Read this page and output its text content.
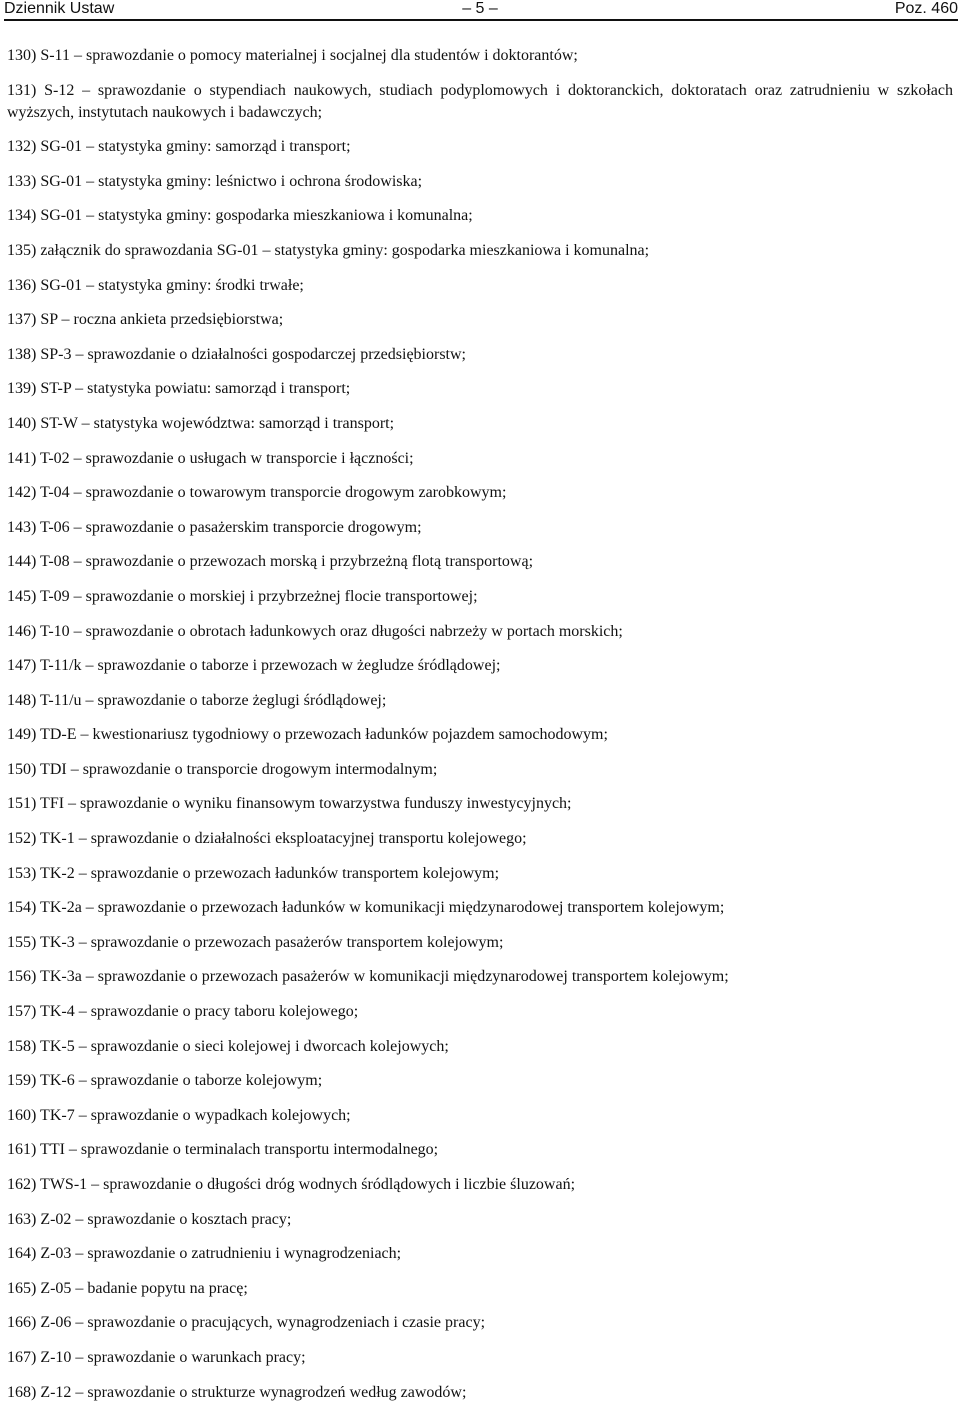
Dziennik Ustaw	– 5 –	Poz. 460
130) S-11 – sprawozdanie o pomocy materialnej i socjalnej dla studentów i doktorantów;
131) S-12 – sprawozdanie o stypendiach naukowych, studiach podyplomowych i doktoranckich, doktoratach oraz zatrudnieniu w szkołach wyższych, instytutach naukowych i badawczych;
132) SG-01 – statystyka gminy: samorząd i transport;
133) SG-01 – statystyka gminy: leśnictwo i ochrona środowiska;
134) SG-01 – statystyka gminy: gospodarka mieszkaniowa i komunalna;
135) załącznik do sprawozdania SG-01 – statystyka gminy: gospodarka mieszkaniowa i komunalna;
136) SG-01 – statystyka gminy: środki trwałe;
137) SP – roczna ankieta przedsiębiorstwa;
138) SP-3 – sprawozdanie o działalności gospodarczej przedsiębiorstw;
139) ST-P – statystyka powiatu: samorząd i transport;
140) ST-W – statystyka województwa: samorząd i transport;
141) T-02 – sprawozdanie o usługach w transporcie i łączności;
142) T-04 – sprawozdanie o towarowym transporcie drogowym zarobkowym;
143) T-06 – sprawozdanie o pasażerskim transporcie drogowym;
144) T-08 – sprawozdanie o przewozach morską i przybrzeżną flotą transportową;
145) T-09 – sprawozdanie o morskiej i przybrzeżnej flocie transportowej;
146) T-10 – sprawozdanie o obrotach ładunkowych oraz długości nabrzeży w portach morskich;
147) T-11/k – sprawozdanie o taborze i przewozach w żegludze śródlądowej;
148) T-11/u – sprawozdanie o taborze żeglugi śródlądowej;
149) TD-E – kwestionariusz tygodniowy o przewozach ładunków pojazdem samochodowym;
150) TDI – sprawozdanie o transporcie drogowym intermodalnym;
151) TFI – sprawozdanie o wyniku finansowym towarzystwa funduszy inwestycyjnych;
152) TK-1 – sprawozdanie o działalności eksploatacyjnej transportu kolejowego;
153) TK-2 – sprawozdanie o przewozach ładunków transportem kolejowym;
154) TK-2a – sprawozdanie o przewozach ładunków w komunikacji międzynarodowej transportem kolejowym;
155) TK-3 – sprawozdanie o przewozach pasażerów transportem kolejowym;
156) TK-3a – sprawozdanie o przewozach pasażerów w komunikacji międzynarodowej transportem kolejowym;
157) TK-4 – sprawozdanie o pracy taboru kolejowego;
158) TK-5 – sprawozdanie o sieci kolejowej i dworcach kolejowych;
159) TK-6 – sprawozdanie o taborze kolejowym;
160) TK-7 – sprawozdanie o wypadkach kolejowych;
161) TTI – sprawozdanie o terminalach transportu intermodalnego;
162) TWS-1 – sprawozdanie o długości dróg wodnych śródlądowych i liczbie śluzowań;
163) Z-02 – sprawozdanie o kosztach pracy;
164) Z-03 – sprawozdanie o zatrudnieniu i wynagrodzeniach;
165) Z-05 – badanie popytu na pracę;
166) Z-06 – sprawozdanie o pracujących, wynagrodzeniach i czasie pracy;
167) Z-10 – sprawozdanie o warunkach pracy;
168) Z-12 – sprawozdanie o strukturze wynagrodzeń według zawodów;
